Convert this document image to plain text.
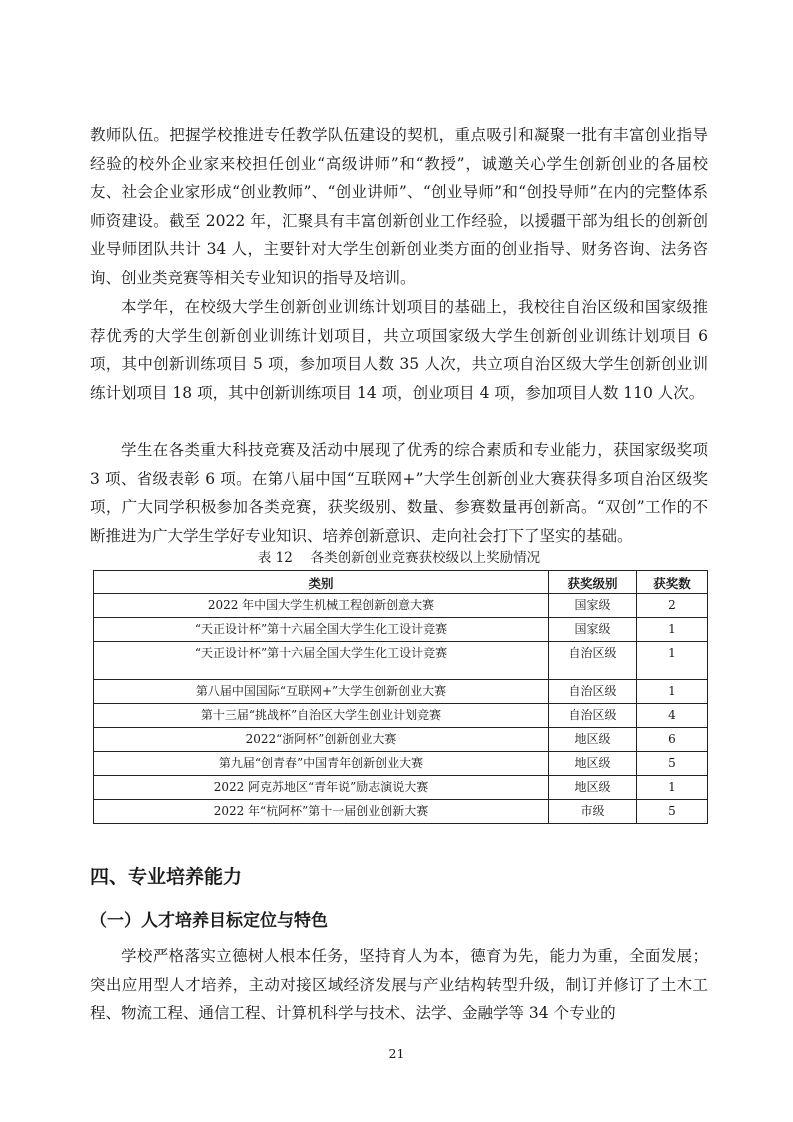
教师队伍。把握学校推进专任教学队伍建设的契机，重点吸引和凝聚一批有丰富创业指导经验的校外企业家来校担任创业“高级讲师”和“教授”，诚邀关心学生创新创业的各届校友、社会企业家形成“创业教师”、“创业讲师”、“创业导师”和“创投导师”在内的完整体系师资建设。截至 2022 年，汇聚具有丰富创新创业工作经验，以援疆干部为组长的创新创业导师团队共计 34 人，主要针对大学生创新创业类方面的创业指导、财务咨询、法务咨询、创业类竞赛等相关专业知识的指导及培训。

本学年，在校级大学生创新创业训练计划项目的基础上，我校往自治区级和国家级推荐优秀的大学生创新创业训练计划项目，共立项国家级大学生创新创业训练计划项目 6 项，其中创新训练项目 5 项，参加项目人数 35 人次，共立项自治区级大学生创新创业训练计划项目 18 项，其中创新训练项目 14 项，创业项目 4 项，参加项目人数 110 人次。

学生在各类重大科技竞赛及活动中展现了优秀的综合素质和专业能力，获国家级奖项 3 项、省级表彰 6 项。在第八届中国“互联网+”大学生创新创业大赛获得多项自治区级奖项，广大同学积极参加各类竞赛，获奖级别、数量、参赛数量再创新高。“双创”工作的不断推进为广大学生学好专业知识、培养创新意识、走向社会打下了坚实的基础。

表 12　 各类创新创业竞赛获校级以上奖励情况
类别	获奖级别	获奖数
2022 年中国大学生机械工程创新创意大赛	国家级	2
“天正设计杯”第十六届全国大学生化工设计竞赛	国家级	1
“天正设计杯”第十六届全国大学生化工设计竞赛	自治区级	1
第八届中国国际“互联网+”大学生创新创业大赛	自治区级	1
第十三届“挑战杯”自治区大学生创业计划竞赛	自治区级	4
2022“浙阿杯”创新创业大赛	地区级	6
第九届“创青春”中国青年创新创业大赛	地区级	5
2022 阿克苏地区“青年说”励志演说大赛	地区级	1
2022 年“杭阿杯”第十一届创业创新大赛	市级	5
四、专业培养能力
（一）人才培养目标定位与特色

学校严格落实立德树人根本任务，坚持育人为本，德育为先，能力为重，全面发展；突出应用型人才培养，主动对接区域经济发展与产业结构转型升级，制订并修订了土木工程、物流工程、通信工程、计算机科学与技术、法学、金融学等 34 个专业的

21
